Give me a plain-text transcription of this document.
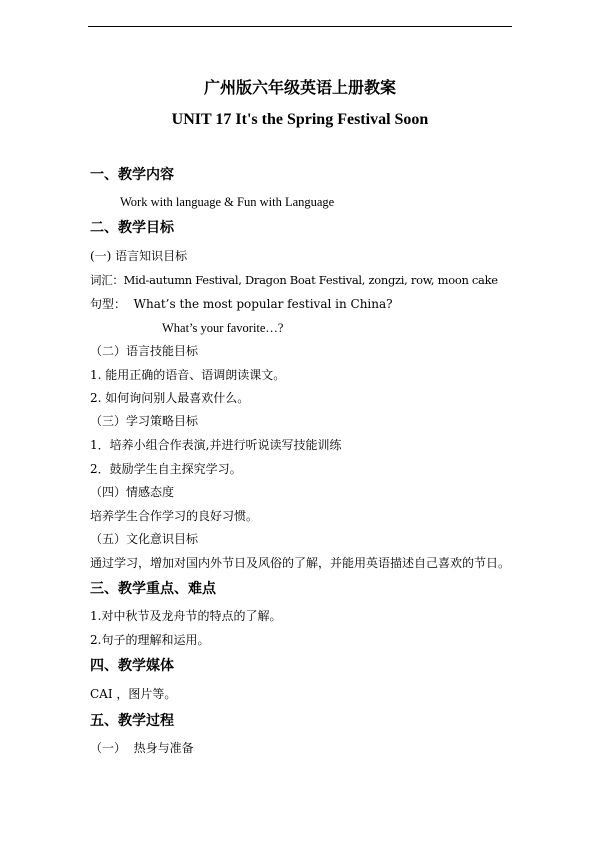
广州版六年级英语上册教案
UNIT 17 It's the Spring Festival Soon
一、教学内容
Work with language & Fun with Language
二、教学目标
(一) 语言知识目标
词汇：Mid-autumn Festival, Dragon Boat Festival, zongzi, row, moon cake
句型：  What’s the most popular festival in China?
What’s your favorite…?
（二）语言技能目标
1. 能用正确的语音、语调朗读课文。
2. 如何询问别人最喜欢什么。
（三）学习策略目标
1．培养小组合作表演,并进行听说读写技能训练
2．鼓励学生自主探究学习。
（四）情感态度
培养学生合作学习的良好习惯。
（五）文化意识目标
通过学习，增加对国内外节日及风俗的了解，并能用英语描述自己喜欢的节日。
三、教学重点、难点
1.对中秋节及龙舟节的特点的了解。
2.句子的理解和运用。
四、教学媒体
CAI ，图片等。
五、教学过程
（一）  热身与准备
